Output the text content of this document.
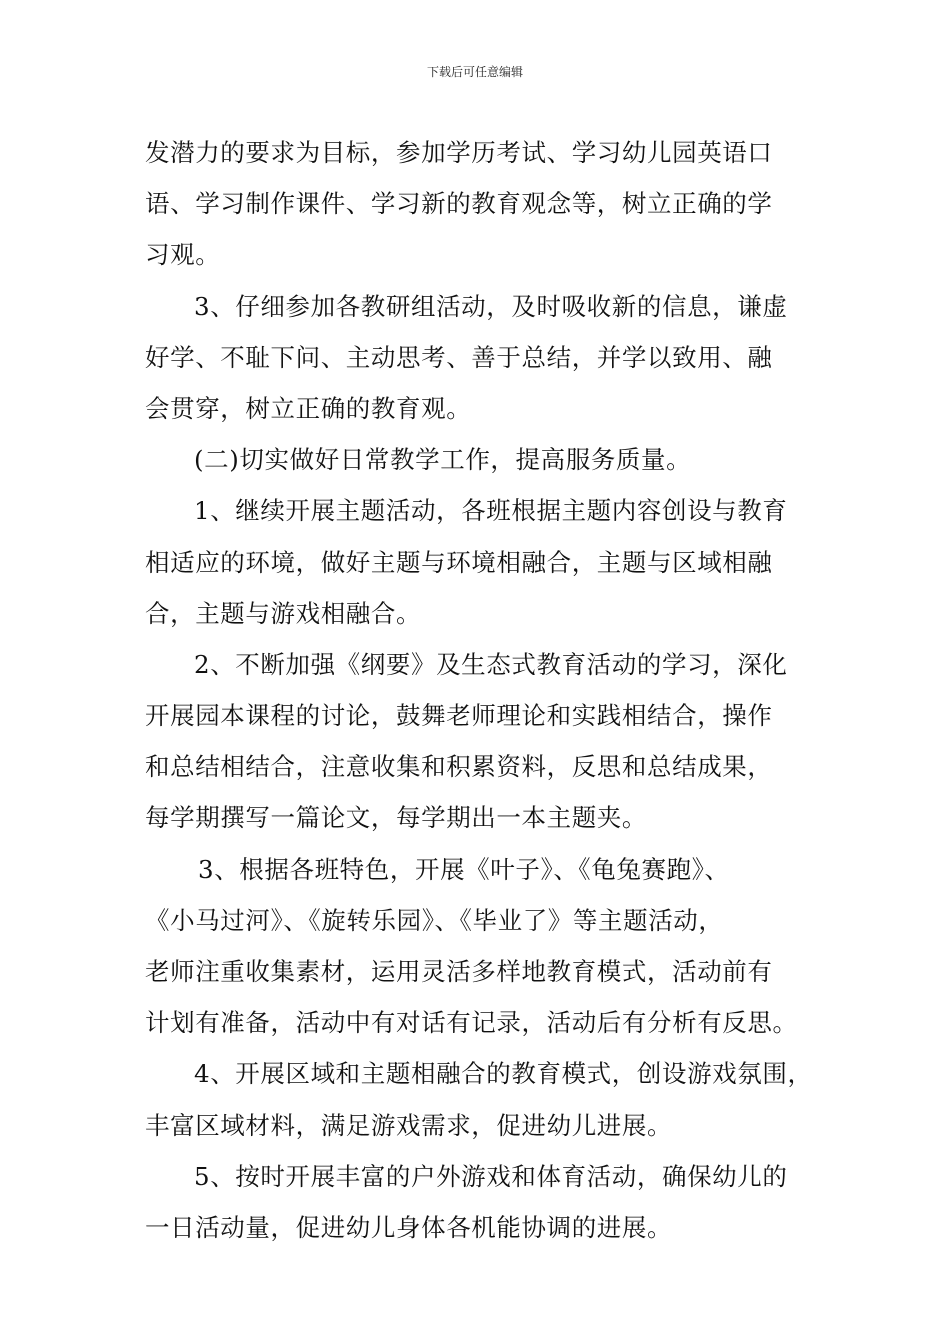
下载后可任意编辑
发潜力的要求为目标，参加学历考试、学习幼儿园英语口
语、学习制作课件、学习新的教育观念等，树立正确的学
习观。
3、仔细参加各教研组活动，及时吸收新的信息，谦虚
好学、不耻下问、主动思考、善于总结，并学以致用、融
会贯穿，树立正确的教育观。
(二)切实做好日常教学工作，提高服务质量。
1、继续开展主题活动，各班根据主题内容创设与教育
相适应的环境，做好主题与环境相融合，主题与区域相融
合，主题与游戏相融合。
2、不断加强《纲要》及生态式教育活动的学习，深化
开展园本课程的讨论，鼓舞老师理论和实践相结合，操作
和总结相结合，注意收集和积累资料，反思和总结成果，
每学期撰写一篇论文，每学期出一本主题夹。
3、根据各班特色，开展《叶子》、《龟兔赛跑》、
《小马过河》、《旋转乐园》、《毕业了》等主题活动，
老师注重收集素材，运用灵活多样地教育模式，活动前有
计划有准备，活动中有对话有记录，活动后有分析有反思。
4、开展区域和主题相融合的教育模式，创设游戏氛围，
丰富区域材料，满足游戏需求，促进幼儿进展。
5、按时开展丰富的户外游戏和体育活动，确保幼儿的
一日活动量，促进幼儿身体各机能协调的进展。
